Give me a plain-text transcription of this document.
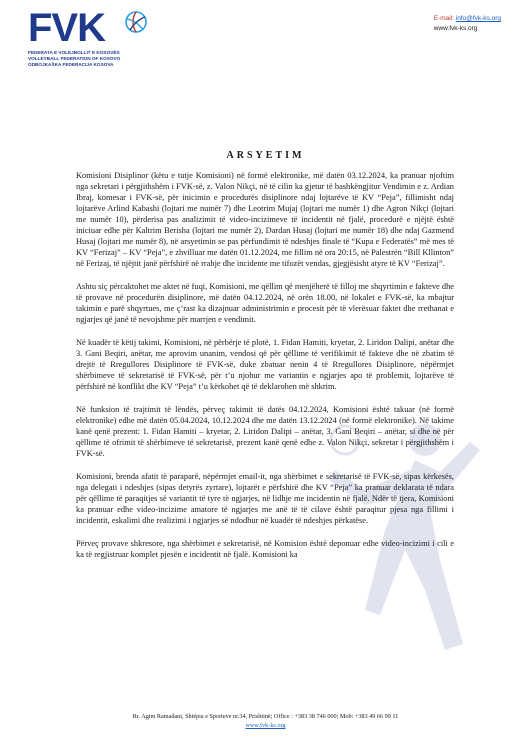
FVK
FEDERATA E VOLEJBOLLIT E KOSOVËS
VOLLEYBALL FEDERATION OF KOSOVO
ODBOJKAŠKA FEDERACIJA KOSOVA
E-mail: info@fvk-ks.org
www.fvk-ks.org
ARSYETIM

Komisioni Disiplinor (këtu e tutje Komisioni) në formë elektronike, më datën 03.12.2024, ka pranuar njoftim nga sekretari i përgjithshëm i FVK-së, z. Valon Nikçi, në të cilin ka gjetur të bashkëngjitur Vendimin e z. Ardian Ibraj, komesar i FVK-së, për inicimin e procedurës disiplinore ndaj lojtarëve të KV “Peja”, fillimisht ndaj lojtarëve Arlind Kabashi (lojtari me numër 7) dhe Leotrim Mujaj (lojtari me numër 1) dhe Agron Nikçi (lojtari me numër 10), përderisa pas analizimit të video-incizimeve të incidentit në fjalë, procedurë e njëjtë është iniciuar edhe për Kaltrim Berisha (lojtari me numër 2), Dardan Husaj (lojtari me numër 18) dhe ndaj Gazmend Husaj (lojtari me numër 8), në arsyetimin se pas përfundimit të ndeshjes finale të “Kupa e Federatës” më mes të KV “Ferizaj” – KV “Peja”, e zhvilluar me datën 01.12.2024, me fillim në ora 20:15, në Palestrën “Bill Kllinton” në Ferizaj, të njëjtit janë përfshirë në rrahje dhe incidente me tifozët vendas, gjegjësisht atyre të KV “Ferizaj”.

Ashtu siç përcaktohet me aktet në fuqi, Komisioni, me qëllim që menjëherë të filloj me shqyrtimin e fakteve dhe të provave në procedurën disiplinore, më datën 04.12.2024, në orën 18.00, në lokalet e FVK-së, ka mbajtur takimin e parë shqyrtues, me ç’rast ka dizajnuar administrimin e procesit për të vlerësuar faktet dhe rrethanat e ngjarjes që janë të nevojshme për marrjen e vendimit.

Në kuadër të këtij takimi, Komisioni, në përbërje të plotë, 1. Fidan Hamiti, kryetar, 2. Liridon Dalipi, anëtar dhe 3. Gani Beqiri, anëtar, me aprovim unanim, vendosi që për qëllime të verifikimit të fakteve dhe në zbatim të drejtë të Rregullores Disiplinore të FVK-së, duke zbatuar nenin 4 të Rregullores Disiplinore, nëpërmjet shërbimeve të sekretarisë të FVK-së, për t’u njohur me variantin e ngjarjes apo të problemit, lojtarëve të përfshirë në konflikt dhe KV “Peja” t’u kërkohet që të deklarohen më shkrim.

Në funksion të trajtimit të lëndës, përveç takimit të datës 04.12.2024, Komisioni është takuar (në formë elektronike) edhe më datën 05.04.2024, 10.12.2024 dhe me datën 13.12.2024 (në formë elektronike). Në takime kanë qenë prezent: 1. Fidan Hamiti – kryetar, 2. Liridon Dalipi – anëtar, 3. Gani Beqiri – anëtar, si dhe në për qëllime të ofrimit të shërbimeve të sekretarisë, prezent kanë qenë edhe z. Valon Nikçi, sekretar i përgjithshëm i FVK-së.

Komisioni, brenda afatit të paraparë, nëpërmjet email-it, nga shërbimet e sekretarisë të FVK-së, sipas kërkesës, nga delegati i ndeshjes (sipas detyrës zyrtare), lojtarët e përfshirë dhe KV “Peja” ka pranuar deklarata të ndara për qëllime të paraqitjes së variantit të tyre të ngjarjes, në lidhje me incidentin në fjalë. Ndër të tjera, Komisioni ka pranuar edhe video-incizime amatore të ngjarjes me anë të të cilave është paraqitur pjesa nga fillimi i incidentit, eskalimi dhe realizimi i ngjarjes së ndodhur në kuadër të ndeshjes përkatëse.

Përveç provave shkresore, nga shërbimet e sekretarisë, në Komision është deponuar edhe video-incizimi i cili e ka të regjistruar komplet pjesën e incidentit në fjalë. Komisioni ka

Rr. Agim Ramadani, Shtëpia e Sporteve nr.34, Prishtinë; Office : +383 38 746 000; Mob: +383 49 66 99 11
www.fvk-ks.org
